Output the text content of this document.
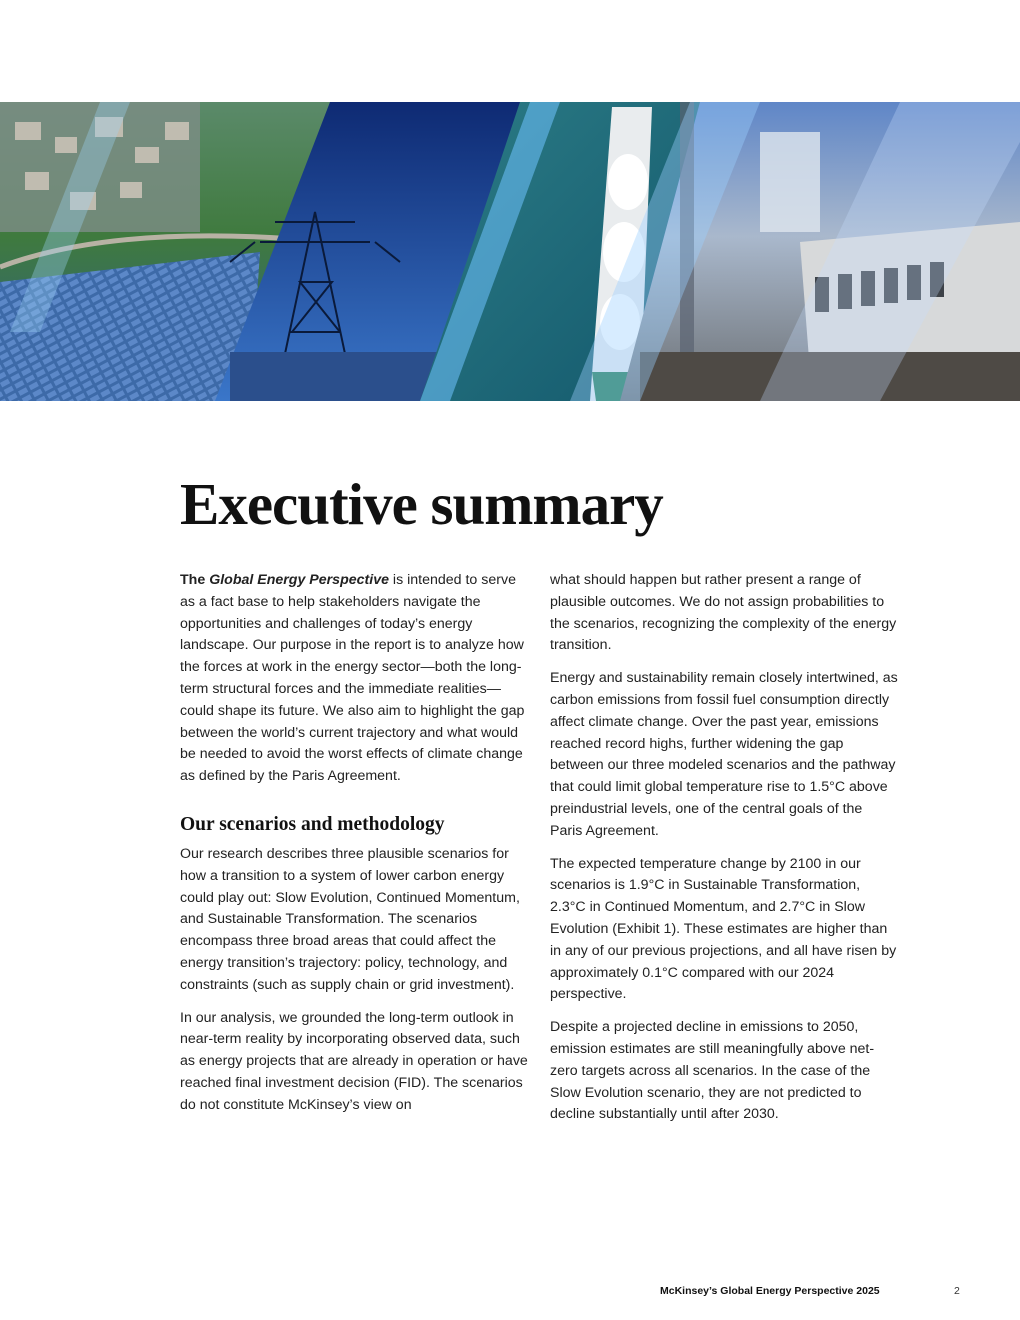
Executive summary

The Global Energy Perspective is intended to serve as a fact base to help stakeholders navigate the opportunities and challenges of today’s energy landscape. Our purpose in the report is to analyze how the forces at work in the energy sector—both the long-term structural forces and the immediate realities—could shape its future. We also aim to highlight the gap between the world’s current trajectory and what would be needed to avoid the worst effects of climate change as defined by the Paris Agreement.

Our scenarios and methodology

Our research describes three plausible scenarios for how a transition to a system of lower carbon energy could play out: Slow Evolution, Continued Momentum, and Sustainable Transformation. The scenarios encompass three broad areas that could affect the energy transition’s trajectory: policy, technology, and constraints (such as supply chain or grid investment).

In our analysis, we grounded the long-term outlook in near-term reality by incorporating observed data, such as energy projects that are already in operation or have reached final investment decision (FID). The scenarios do not constitute McKinsey’s view on

what should happen but rather present a range of plausible outcomes. We do not assign probabilities to the scenarios, recognizing the complexity of the energy transition.

Energy and sustainability remain closely intertwined, as carbon emissions from fossil fuel consumption directly affect climate change. Over the past year, emissions reached record highs, further widening the gap between our three modeled scenarios and the pathway that could limit global temperature rise to 1.5°C above preindustrial levels, one of the central goals of the Paris Agreement.

The expected temperature change by 2100 in our scenarios is 1.9°C in Sustainable Transformation, 2.3°C in Continued Momentum, and 2.7°C in Slow Evolution (Exhibit 1). These estimates are higher than in any of our previous projections, and all have risen by approximately 0.1°C compared with our 2024 perspective.

Despite a projected decline in emissions to 2050, emission estimates are still meaningfully above net-zero targets across all scenarios. In the case of the Slow Evolution scenario, they are not predicted to decline substantially until after 2030.

McKinsey’s Global Energy Perspective 2025	2
